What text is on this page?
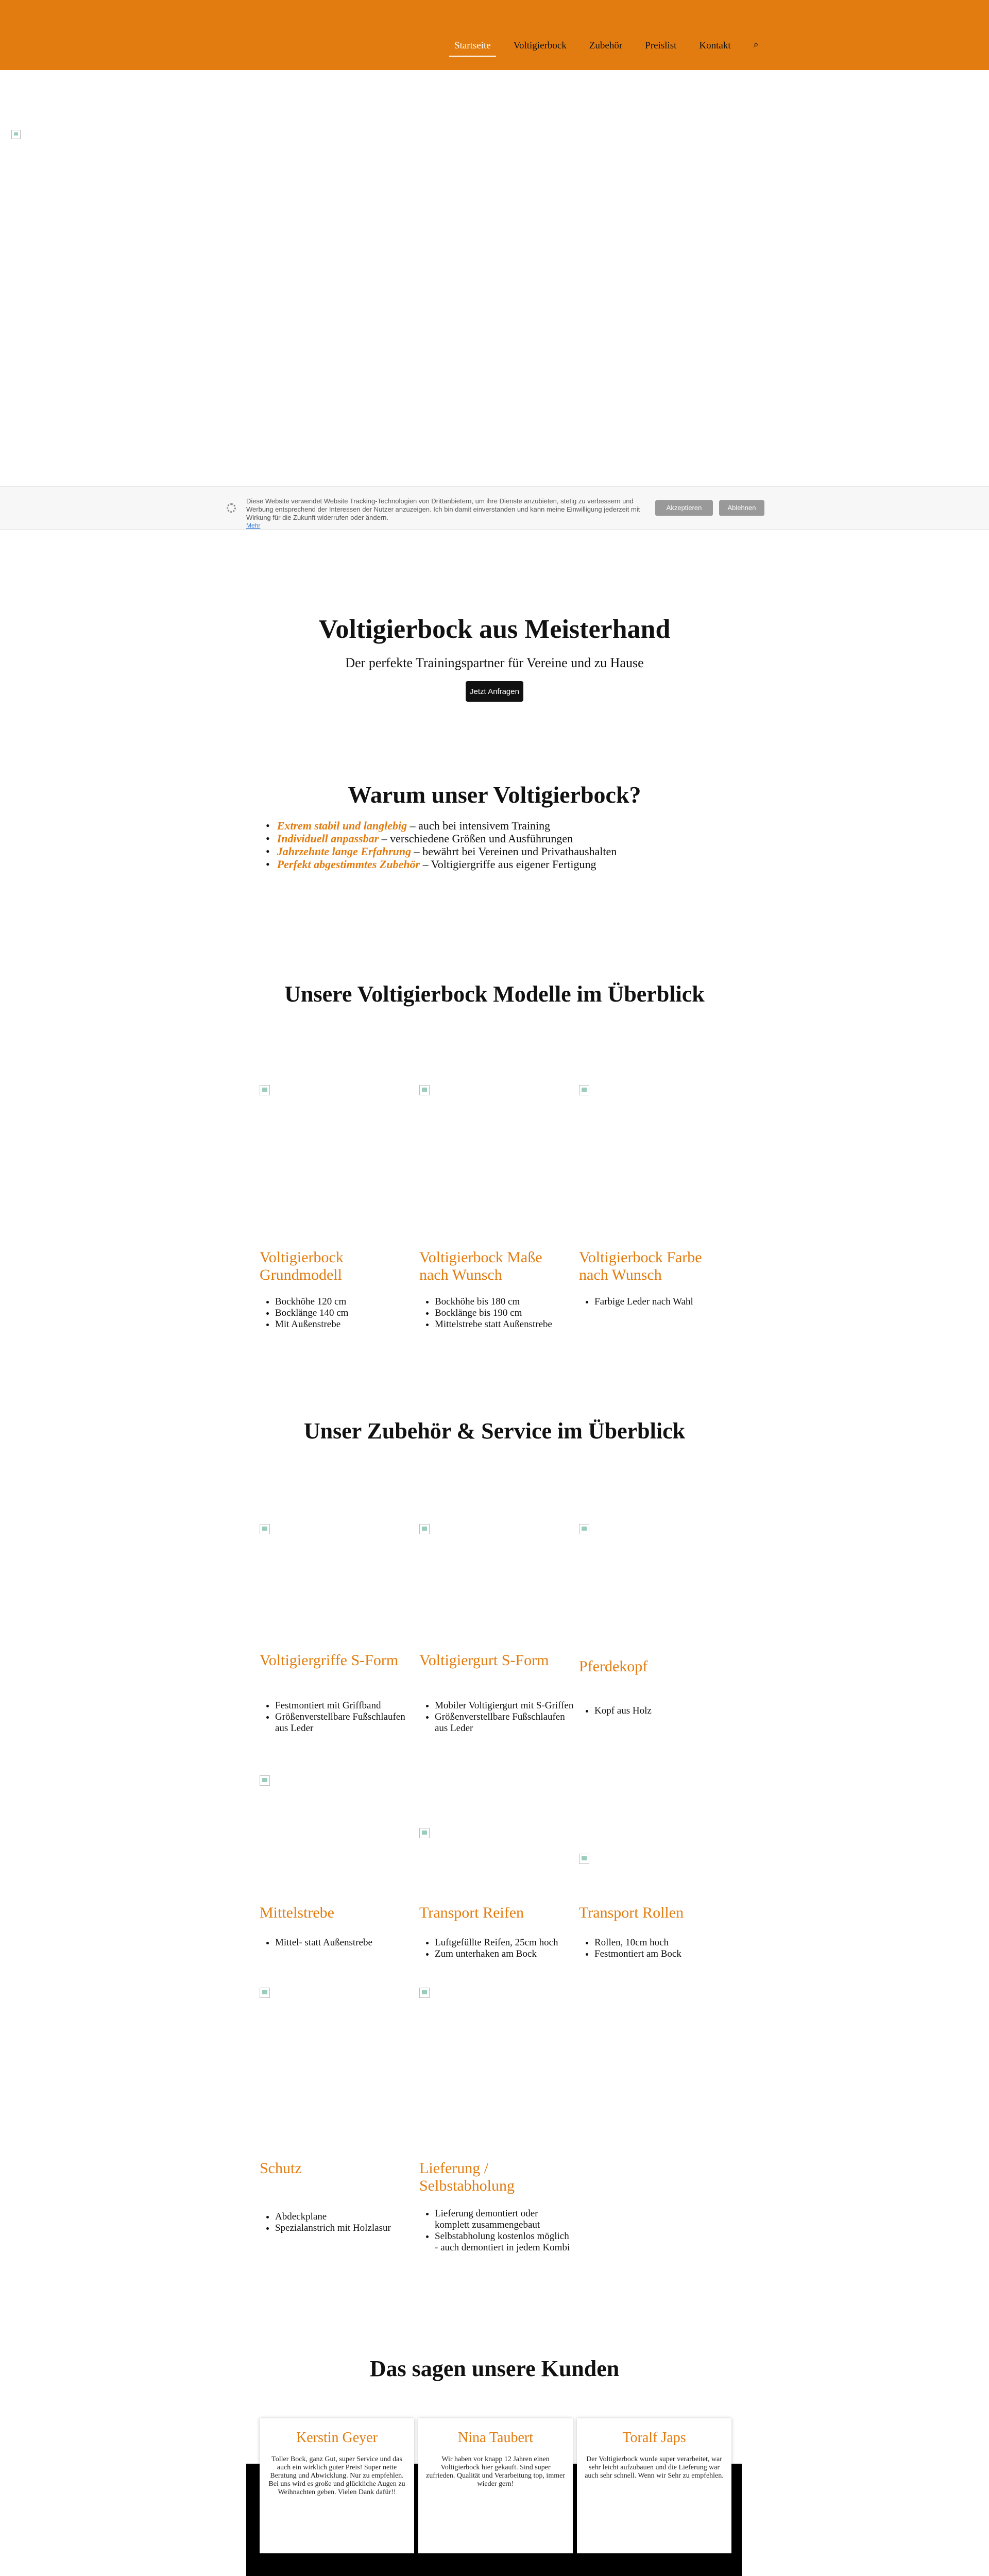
Startseite	Voltigierbock	Zubehör	Preislist	Kontakt	⌕
Diese Website verwendet Website Tracking-Technologien von Drittanbietern, um ihre Dienste anzubieten, stetig zu verbessern und Werbung entsprechend der Interessen der Nutzer anzuzeigen. Ich bin damit einverstanden und kann meine Einwilligung jederzeit mit Wirkung für die Zukunft widerrufen oder ändern.
Mehr
Akzeptieren	Ablehnen
Voltigierbock aus Meisterhand
Der perfekte Trainingspartner für Vereine und zu Hause
Jetzt Anfragen
Warum unser Voltigierbock?
• Extrem stabil und langlebig – auch bei intensivem Training
• Individuell anpassbar – verschiedene Größen und Ausführungen
• Jahrzehnte lange Erfahrung – bewährt bei Vereinen und Privathaushalten
• Perfekt abgestimmtes Zubehör – Voltigiergriffe aus eigener Fertigung
Unsere Voltigierbock Modelle im Überblick
Voltigierbock Grundmodell
• Bockhöhe 120 cm
• Bocklänge 140 cm
• Mit Außenstrebe
Voltigierbock Maße nach Wunsch
• Bockhöhe bis 180 cm
• Bocklänge bis 190 cm
• Mittelstrebe statt Außenstrebe
Voltigierbock Farbe nach Wunsch
• Farbige Leder nach Wahl
Unser Zubehör & Service im Überblick
Voltigiergriffe S-Form
• Festmontiert mit Griffband
• Größenverstellbare Fußschlaufen aus Leder
Voltigiergurt S-Form
• Mobiler Voltigiergurt mit S-Griffen
• Größenverstellbare Fußschlaufen aus Leder
Pferdekopf
• Kopf aus Holz
Mittelstrebe
• Mittel- statt Außenstrebe
Transport Reifen
• Luftgefüllte Reifen, 25cm hoch
• Zum unterhaken am Bock
Transport Rollen
• Rollen, 10cm hoch
• Festmontiert am Bock
Schutz
• Abdeckplane
• Spezialanstrich mit Holzlasur
Lieferung / Selbstabholung
• Lieferung demontiert oder komplett zusammengebaut
• Selbstabholung kostenlos möglich - auch demontiert in jedem Kombi
Das sagen unsere Kunden
Kerstin Geyer

Toller Bock, ganz Gut, super Service und das auch ein wirklich guter Preis! Super nette Beratung und Abwicklung. Nur zu empfehlen. Bei uns wird es große und glückliche Augen zu Weihnachten geben. Vielen Dank dafür!!

Nina Taubert

Wir haben vor knapp 12 Jahren einen Voltigierbock hier gekauft. Sind super zufrieden. Qualität und Verarbeitung top, immer wieder gern!

Toralf Japs

Der Voltigierbock wurde super verarbeitet, war sehr leicht aufzubauen und die Lieferung war auch sehr schnell. Wenn wir Sehr zu empfehlen.
